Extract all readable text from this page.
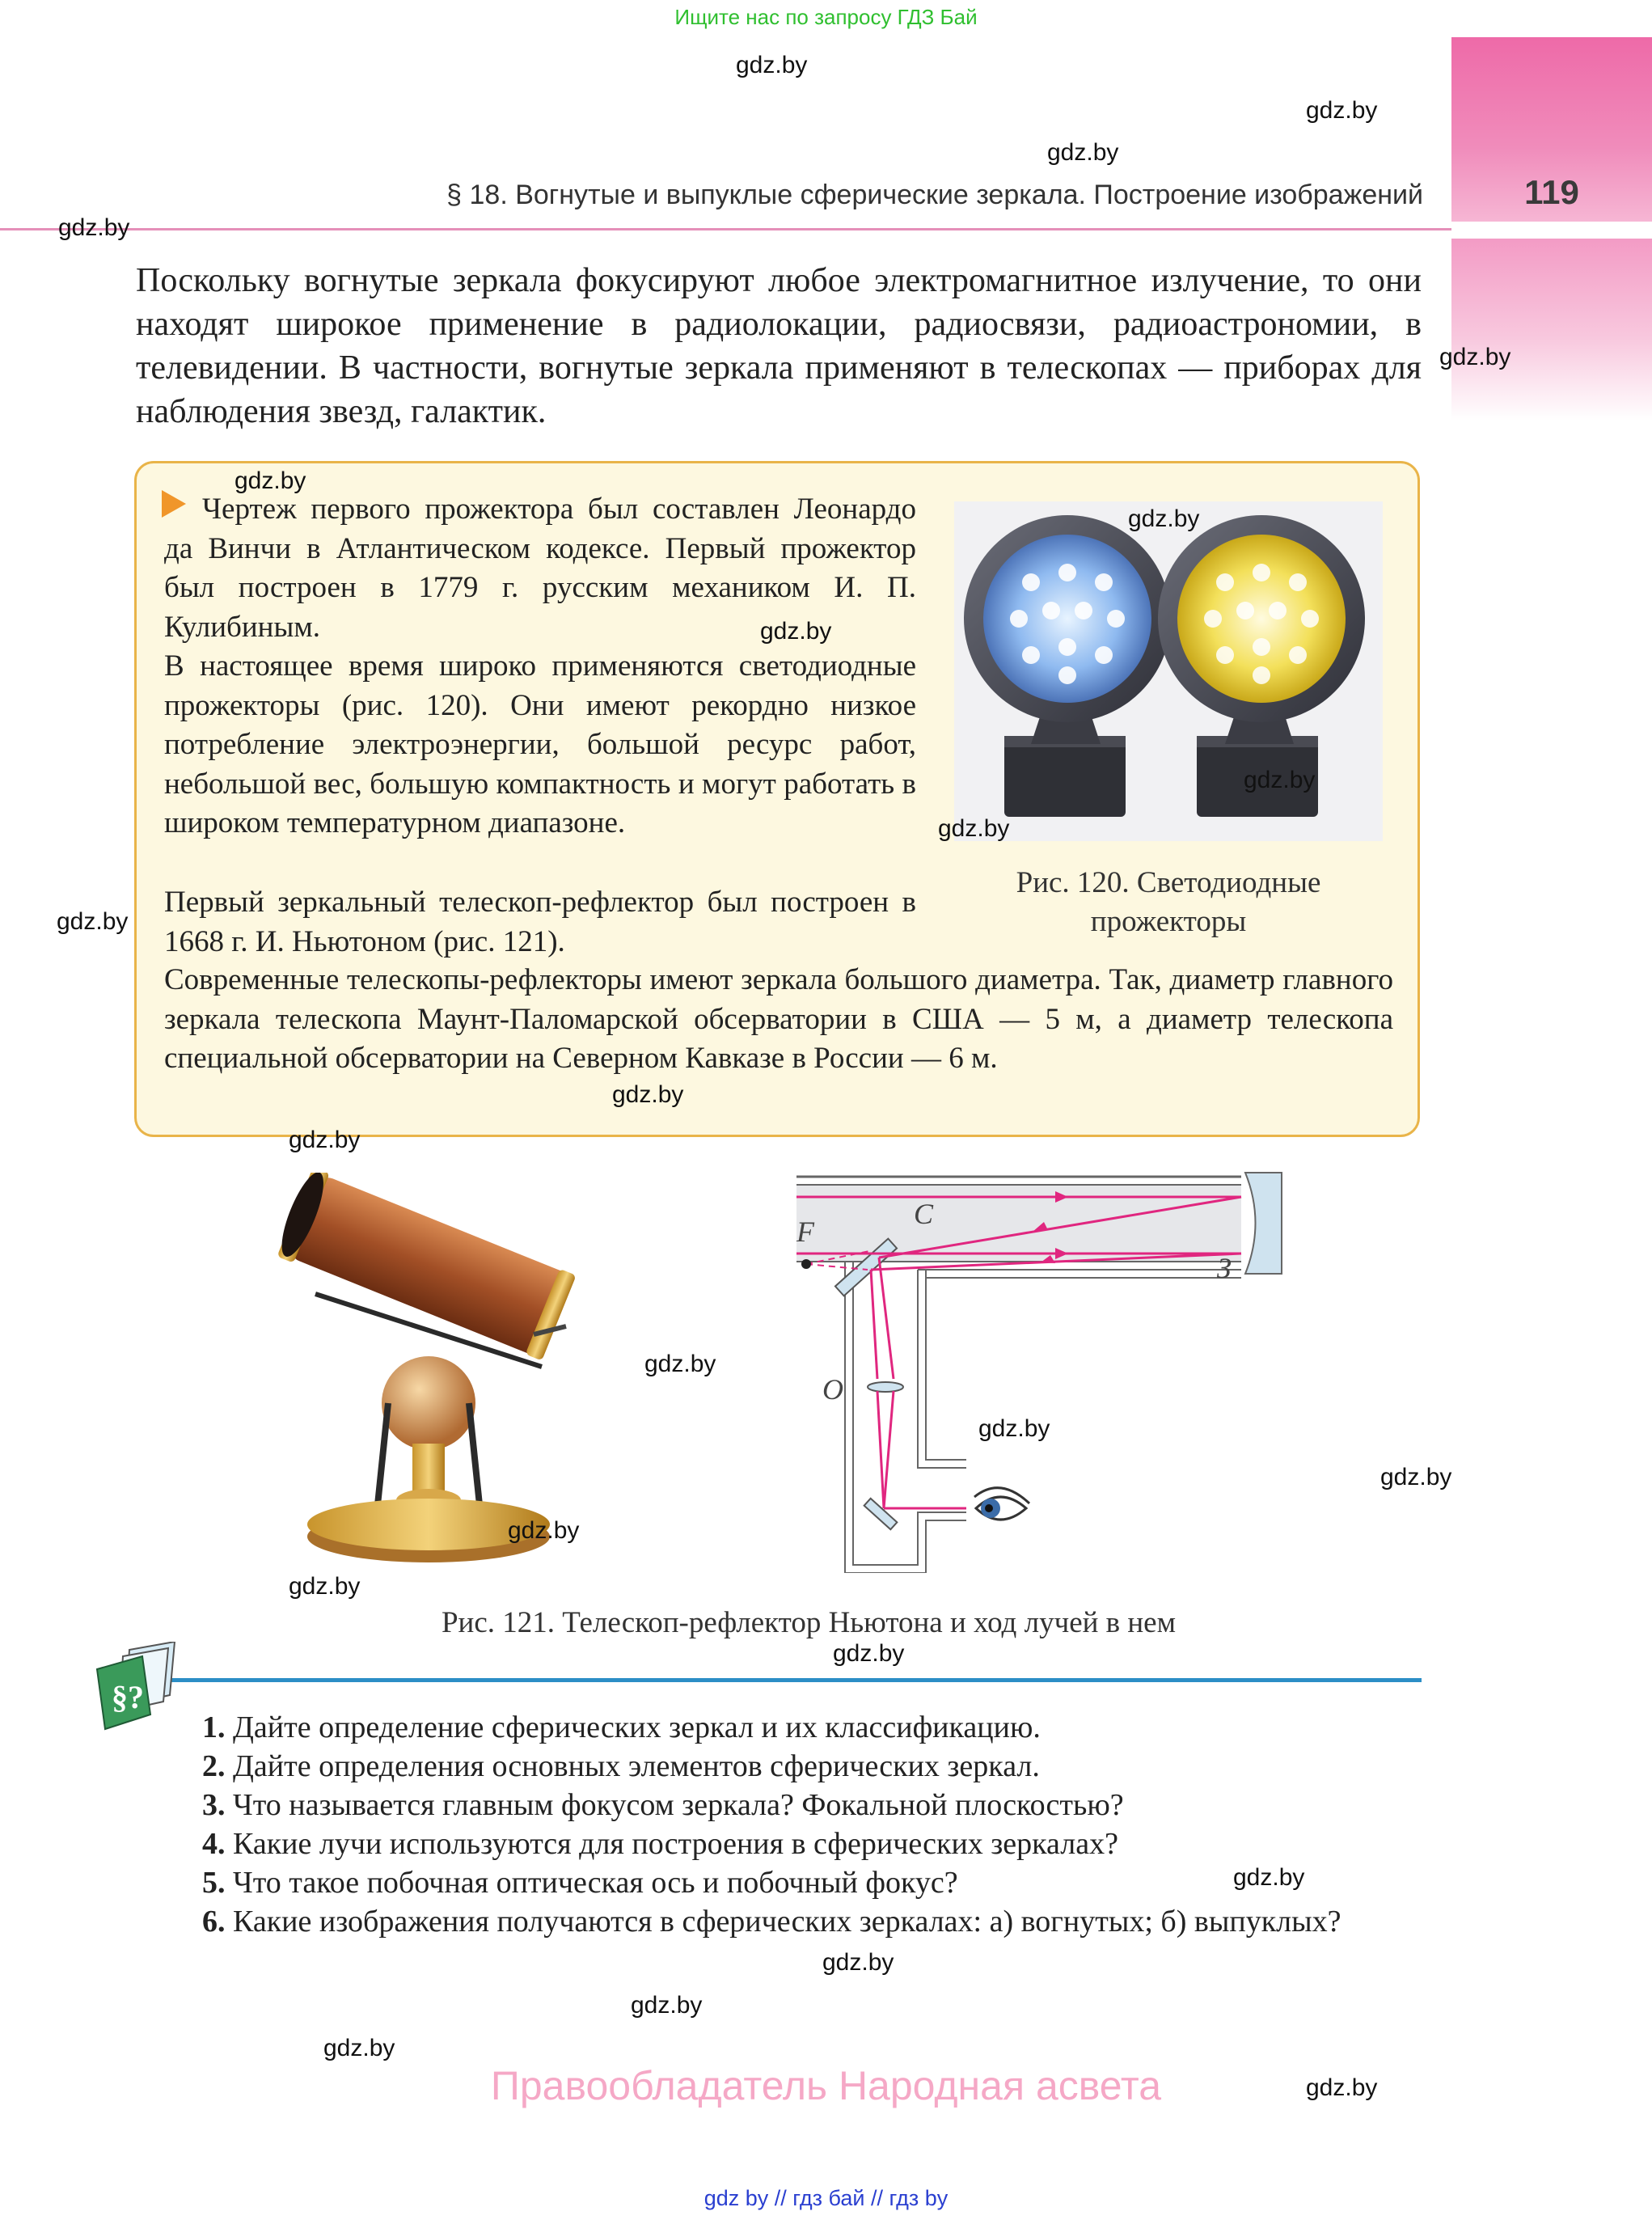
Ищите нас по запросу ГДЗ Бай
119
§ 18. Вогнутые и выпуклые сферические зеркала. Построение изображений
Поскольку вогнутые зеркала фокусируют любое электромагнитное излучение, то они находят широкое применение в радиолокации, радиосвязи, радиоастрономии, в телевидении. В частности, вогнутые зеркала применяют в телескопах — приборах для наблюдения звезд, галактик.
Чертеж первого прожектора был составлен Леонардо да Винчи в Атлантическом кодексе. Первый прожектор был построен в 1779 г. русским механиком И. П. Кулибиным.
В настоящее время широко применяются светодиодные прожекторы (рис. 120). Они имеют рекордно низкое потребление электроэнергии, большой ресурс работ, небольшой вес, большую компактность и могут работать в широком температурном диапазоне.
Первый зеркальный телескоп-рефлектор был построен в 1668 г. И. Ньютоном (рис. 121).
Современные телескопы-рефлекторы имеют зеркала большого диаметра. Так, диаметр главного зеркала телескопа Маунт-Паломарской обсерватории в США — 5 м, а диаметр телескопа специальной обсерватории на Северном Кавказе в России — 6 м.
Рис. 120. Светодиодные прожекторы
F
C
З
O
Рис. 121. Телескоп-рефлектор Ньютона и ход лучей в нем
§?
1. Дайте определение сферических зеркал и их классификацию.
2. Дайте определения основных элементов сферических зеркал.
3. Что называется главным фокусом зеркала? Фокальной плоскостью?
4. Какие лучи используются для построения в сферических зеркалах?
5. Что такое побочная оптическая ось и побочный фокус?
6. Какие изображения получаются в сферических зеркалах: а) вогнутых; б) выпуклых?
Правообладатель Народная асвета
gdz by // гдз бай // гдз by
gdz.by
gdz.by
gdz.by
gdz.by
gdz.by
gdz.by
gdz.by
gdz.by
gdz.by
gdz.by
gdz.by
gdz.by
gdz.by
gdz.by
gdz.by
gdz.by
gdz.by
gdz.by
gdz.by
gdz.by
gdz.by
gdz.by
gdz.by
gdz.by
